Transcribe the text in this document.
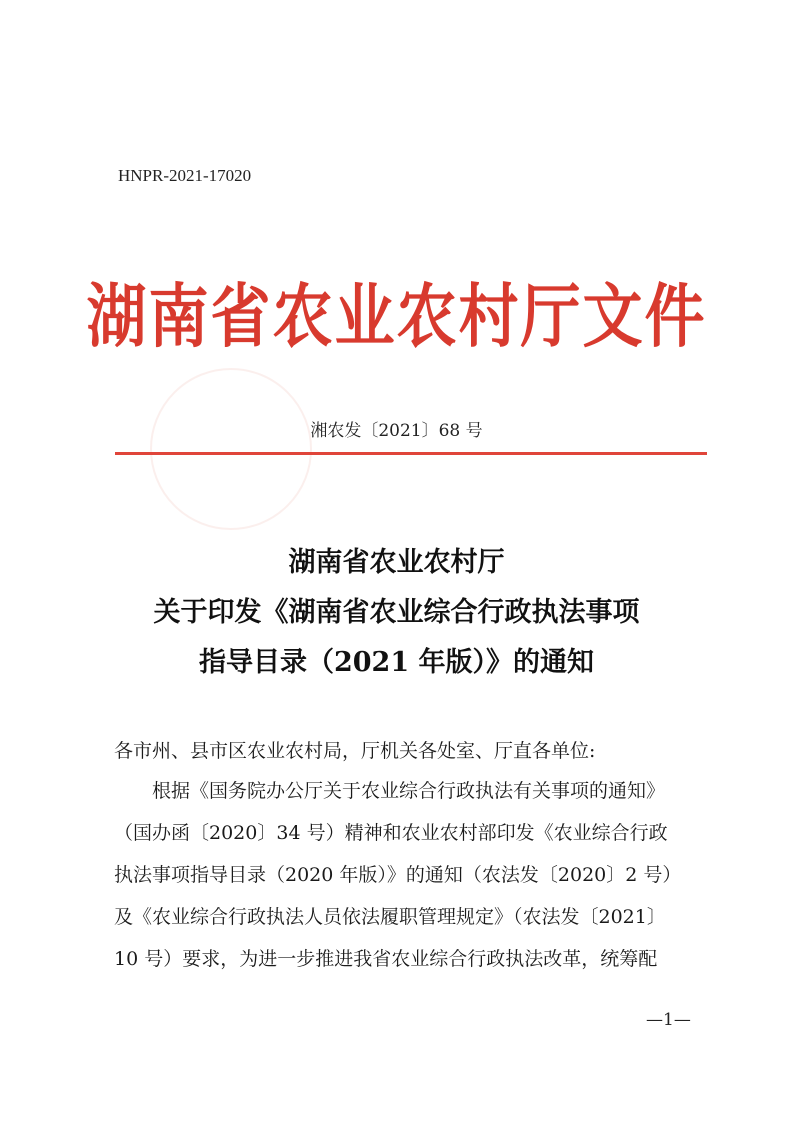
HNPR-2021-17020
湖南省农业农村厅文件
湘农发〔2021〕68 号
湖南省农业农村厅
关于印发《湖南省农业综合行政执法事项
指导目录（2021 年版）》的通知
各市州、县市区农业农村局，厅机关各处室、厅直各单位:
根据《国务院办公厅关于农业综合行政执法有关事项的通知》
（国办函〔2020〕34 号）精神和农业农村部印发《农业综合行政
执法事项指导目录（2020 年版）》的通知（农法发〔2020〕2 号）
及《农业综合行政执法人员依法履职管理规定》（农法发〔2021〕
10 号）要求，为进一步推进我省农业综合行政执法改革，统筹配
—1—
